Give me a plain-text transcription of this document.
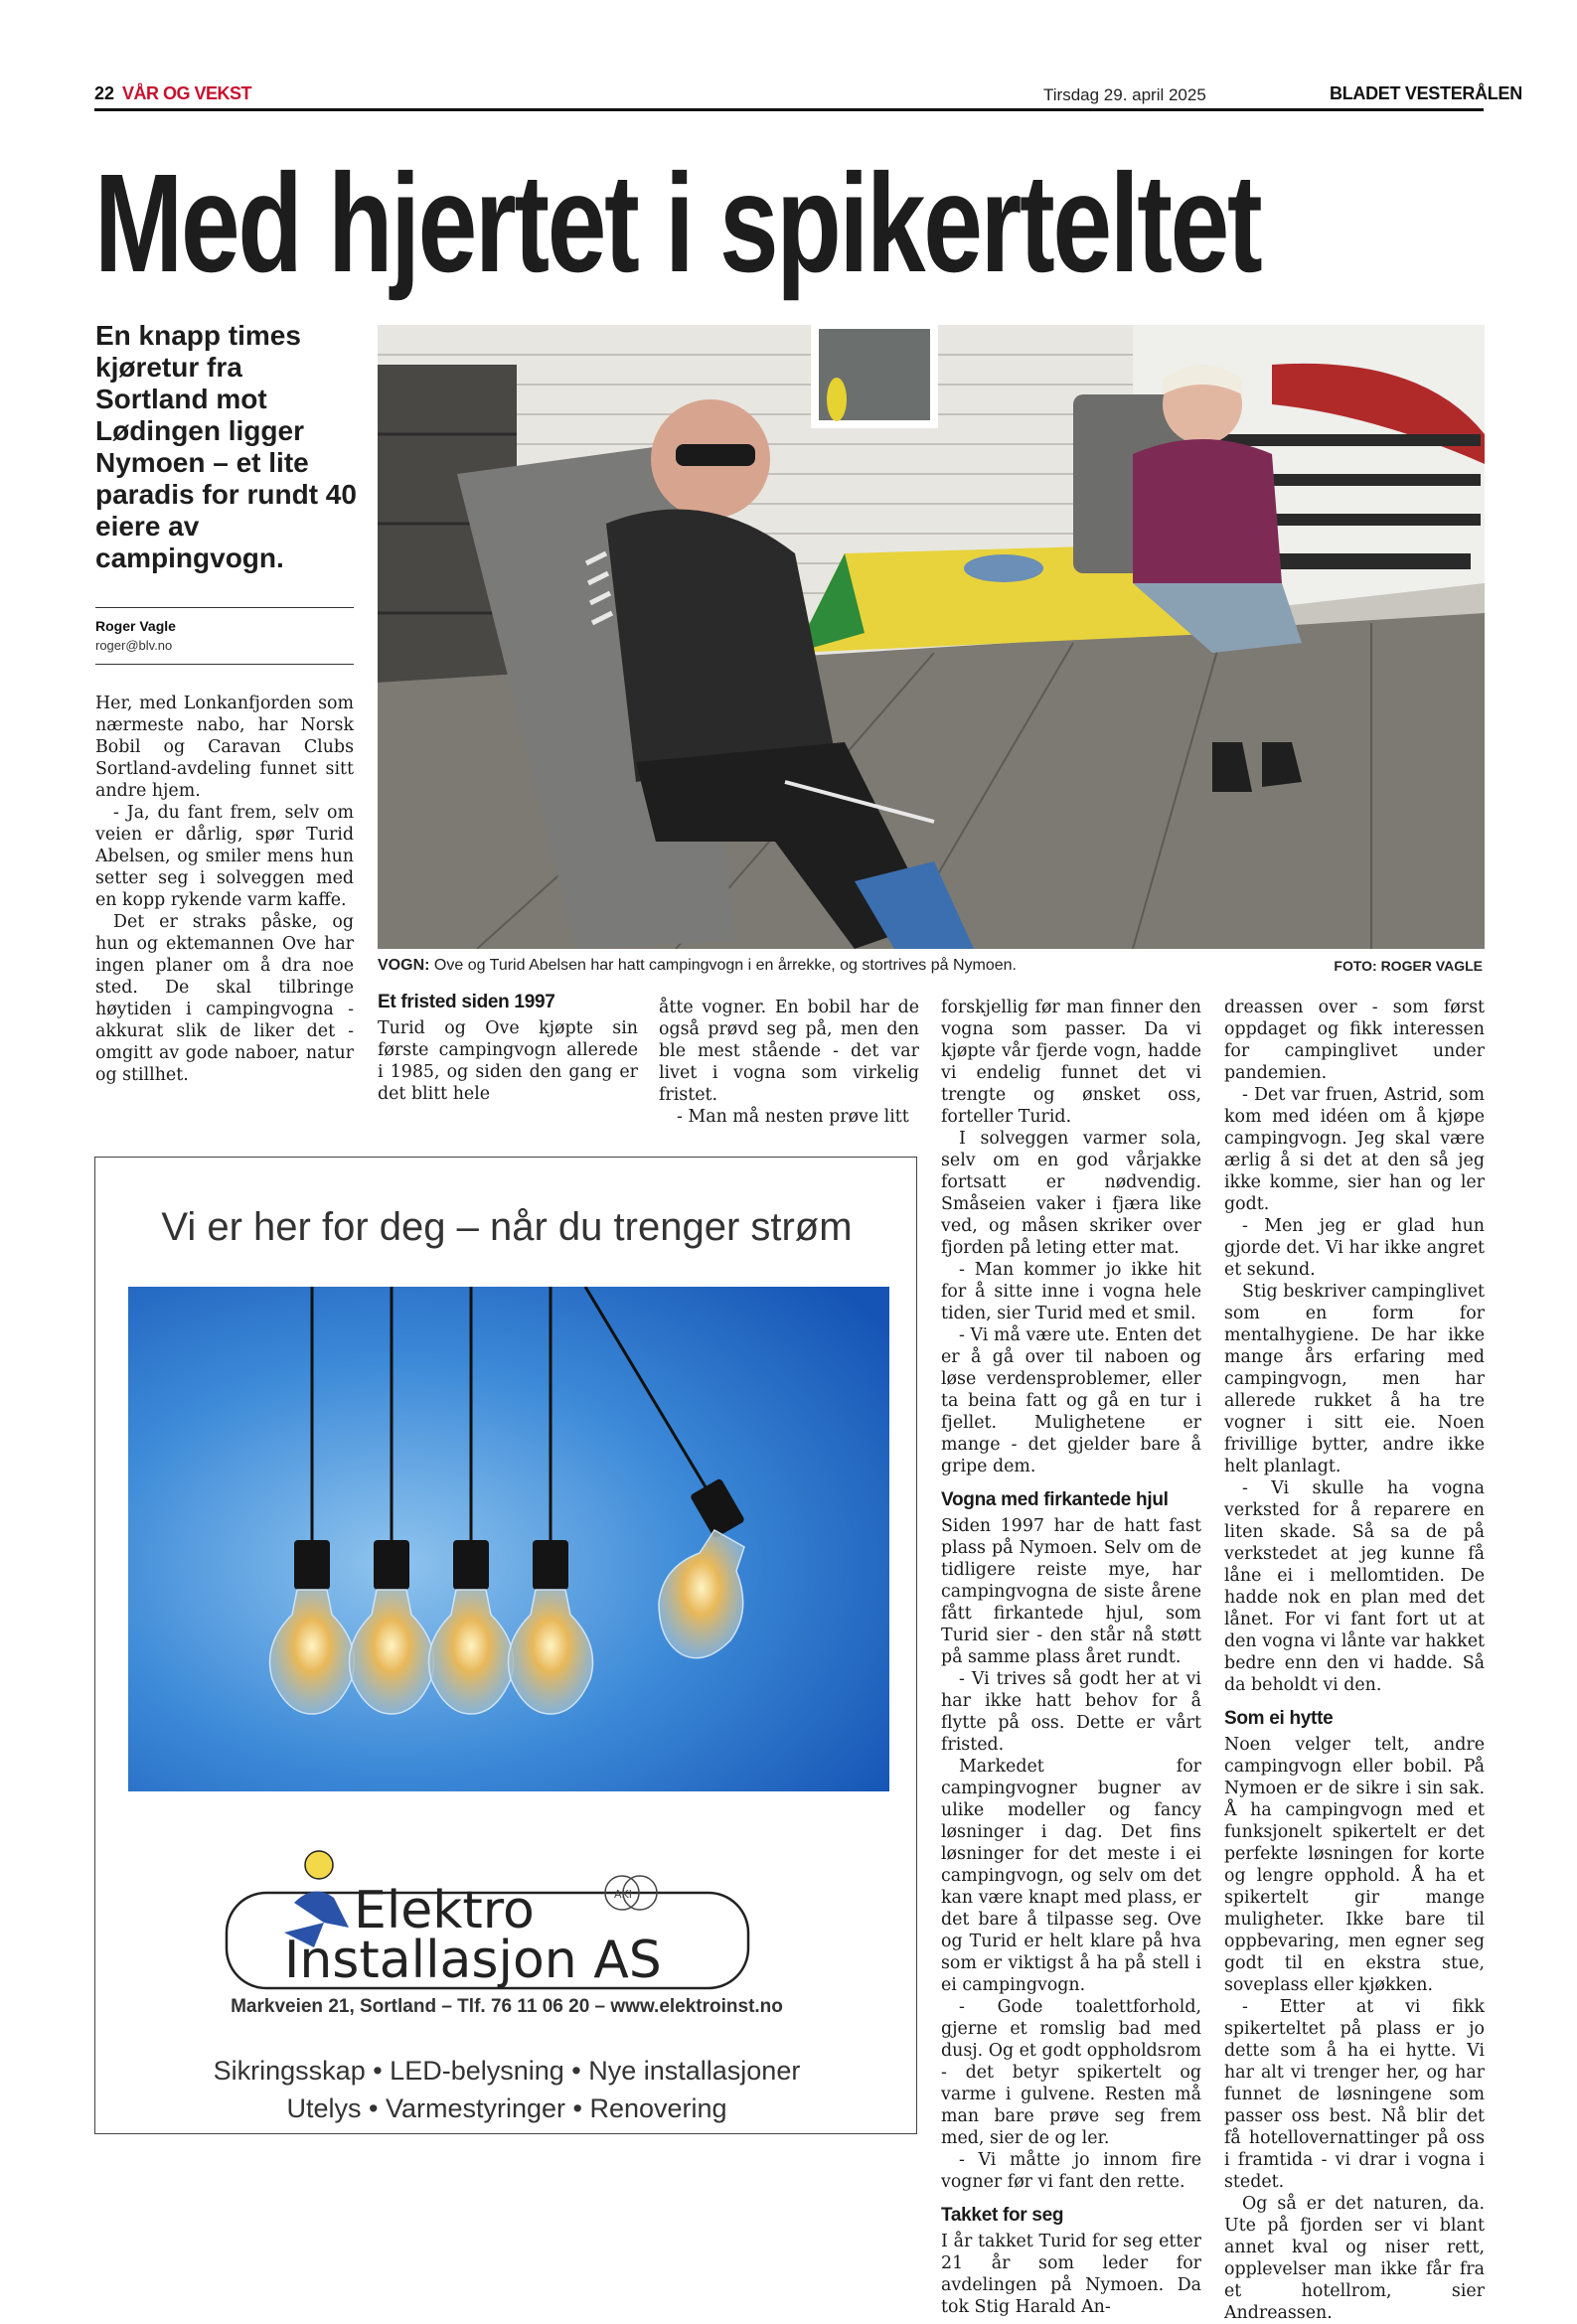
22 VÅR OG VEKST	Tirsdag 29. april 2025	BLADET VESTERÅLEN
Med hjertet i spikerteltet
En knapp times kjøretur fra Sortland mot Lødingen ligger Nymoen – et lite paradis for rundt 40 eiere av campingvogn.
Roger Vagle
roger@blv.no

Her, med Lonkanfjorden som nærmeste nabo, har Norsk Bobil og Caravan Clubs Sortland-avdeling funnet sitt andre hjem.

- Ja, du fant frem, selv om veien er dårlig, spør Turid Abelsen, og smiler mens hun setter seg i solveggen med en kopp rykende varm kaffe.

Det er straks påske, og hun og ektemannen Ove har ingen planer om å dra noe sted. De skal tilbringe høytiden i campingvogna - akkurat slik de liker det - omgitt av gode naboer, natur og stillhet.

VOGN: Ove og Turid Abelsen har hatt campingvogn i en årrekke, og stortrives på Nymoen.	FOTO: ROGER VAGLE
Et fristed siden 1997

Turid og Ove kjøpte sin første campingvogn allerede i 1985, og siden den gang er det blitt hele

åtte vogner. En bobil har de også prøvd seg på, men den ble mest stående - det var livet i vogna som virkelig fristet.

- Man må nesten prøve litt

forskjellig før man finner den vogna som passer. Da vi kjøpte vår fjerde vogn, hadde vi endelig funnet det vi trengte og ønsket oss, forteller Turid.

I solveggen varmer sola, selv om en god vårjakke fortsatt er nødvendig. Småseien vaker i fjæra like ved, og måsen skriker over fjorden på leting etter mat.

- Man kommer jo ikke hit for å sitte inne i vogna hele tiden, sier Turid med et smil.

- Vi må være ute. Enten det er å gå over til naboen og løse verdensproblemer, eller ta beina fatt og gå en tur i fjellet. Mulighetene er mange - det gjelder bare å gripe dem.

Vogna med firkantede hjul

Siden 1997 har de hatt fast plass på Nymoen. Selv om de tidligere reiste mye, har campingvogna de siste årene fått firkantede hjul, som Turid sier - den står nå støtt på samme plass året rundt.

- Vi trives så godt her at vi har ikke hatt behov for å flytte på oss. Dette er vårt fristed.

Markedet for campingvogner bugner av ulike modeller og fancy løsninger i dag. Det fins løsninger for det meste i ei campingvogn, og selv om det kan være knapt med plass, er det bare å tilpasse seg. Ove og Turid er helt klare på hva som er viktigst å ha på stell i ei campingvogn.

- Gode toalettforhold, gjerne et romslig bad med dusj. Og et godt oppholdsrom - det betyr spikertelt og varme i gulvene. Resten må man bare prøve seg frem med, sier de og ler.

- Vi måtte jo innom fire vogner før vi fant den rette.

Takket for seg

I år takket Turid for seg etter 21 år som leder for avdelingen på Nymoen. Da tok Stig Harald An-

dreassen over - som først oppdaget og fikk interessen for campinglivet under pandemien.

- Det var fruen, Astrid, som kom med idéen om å kjøpe campingvogn. Jeg skal være ærlig å si det at den så jeg ikke komme, sier han og ler godt.

- Men jeg er glad hun gjorde det. Vi har ikke angret et sekund.

Stig beskriver campinglivet som en form for mentalhygiene. De har ikke mange års erfaring med campingvogn, men har allerede rukket å ha tre vogner i sitt eie. Noen frivillige bytter, andre ikke helt planlagt.

- Vi skulle ha vogna verksted for å reparere en liten skade. Så sa de på verkstedet at jeg kunne få låne ei i mellomtiden. De hadde nok en plan med det lånet. For vi fant fort ut at den vogna vi lånte var hakket bedre enn den vi hadde. Så da beholdt vi den.

Som ei hytte

Noen velger telt, andre campingvogn eller bobil. På Nymoen er de sikre i sin sak. Å ha campingvogn med et funksjonelt spikertelt er det perfekte løsningen for korte og lengre opphold. Å ha et spikertelt gir mange muligheter. Ikke bare til oppbevaring, men egner seg godt til en ekstra stue, soveplass eller kjøkken.

- Etter at vi fikk spikerteltet på plass er jo dette som å ha ei hytte. Vi har alt vi trenger her, og har funnet de løsningene som passer oss best. Nå blir det få hotellovernattinger på oss i framtida - vi drar i vogna i stedet.

Og så er det naturen, da. Ute på fjorden ser vi blant annet kval og niser rett, opplevelser man ikke får fra et hotellrom, sier Andreassen.

Vi er her for deg – når du trenger strøm
Elektro
Installasjon AS
AKI
Markveien 21, Sortland – Tlf. 76 11 06 20 – www.elektroinst.no
Sikringsskap • LED-belysning • Nye installasjoner
Utelys • Varmestyringer • Renovering
